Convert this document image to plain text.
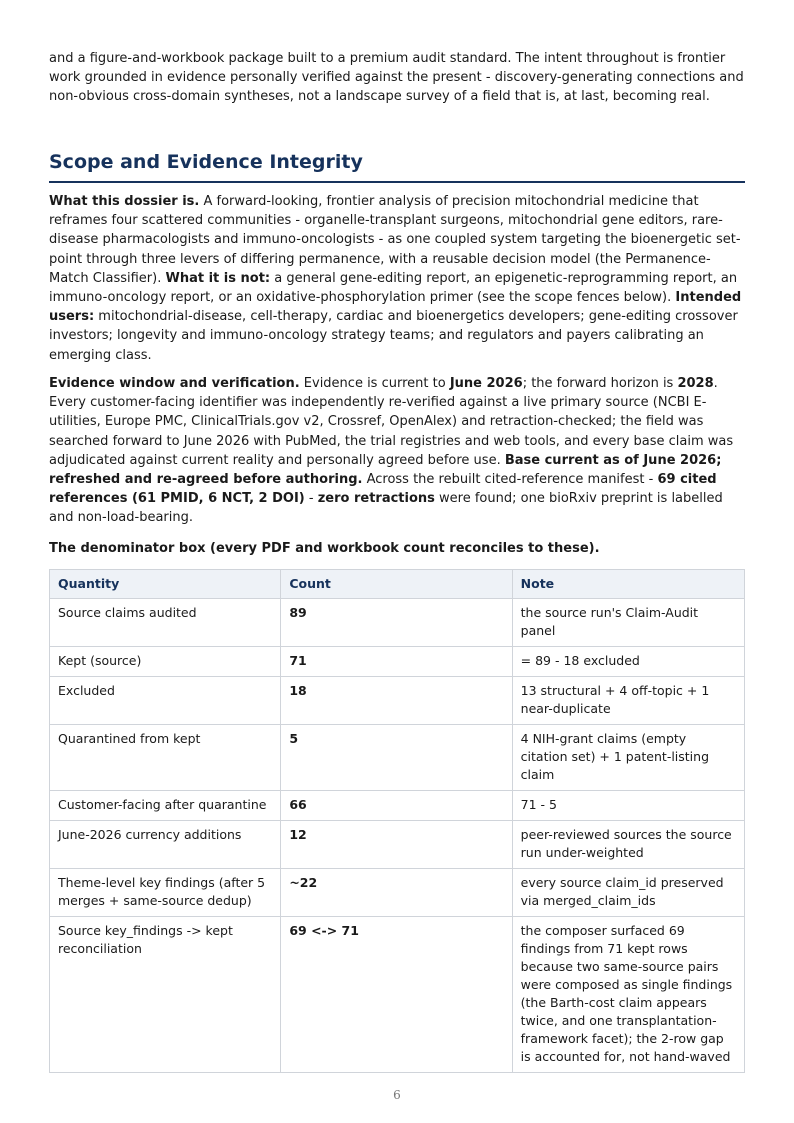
and a figure-and-workbook package built to a premium audit standard. The intent throughout is frontier work grounded in evidence personally verified against the present - discovery-generating connections and non-obvious cross-domain syntheses, not a landscape survey of a field that is, at last, becoming real.

Scope and Evidence Integrity

What this dossier is. A forward-looking, frontier analysis of precision mitochondrial medicine that reframes four scattered communities - organelle-transplant surgeons, mitochondrial gene editors, rare-disease pharmacologists and immuno-oncologists - as one coupled system targeting the bioenergetic set-point through three levers of differing permanence, with a reusable decision model (the Permanence-Match Classifier). What it is not: a general gene-editing report, an epigenetic-reprogramming report, an immuno-oncology report, or an oxidative-phosphorylation primer (see the scope fences below). Intended users: mitochondrial-disease, cell-therapy, cardiac and bioenergetics developers; gene-editing crossover investors; longevity and immuno-oncology strategy teams; and regulators and payers calibrating an emerging class.

Evidence window and verification. Evidence is current to June 2026; the forward horizon is 2028. Every customer-facing identifier was independently re-verified against a live primary source (NCBI E-utilities, Europe PMC, ClinicalTrials.gov v2, Crossref, OpenAlex) and retraction-checked; the field was searched forward to June 2026 with PubMed, the trial registries and web tools, and every base claim was adjudicated against current reality and personally agreed before use. Base current as of June 2026; refreshed and re-agreed before authoring. Across the rebuilt cited-reference manifest - 69 cited references (61 PMID, 6 NCT, 2 DOI) - zero retractions were found; one bioRxiv preprint is labelled and non-load-bearing.

The denominator box (every PDF and workbook count reconciles to these).

Quantity	Count	Note
Source claims audited	89	the source run's Claim-Audit panel
Kept (source)	71	= 89 - 18 excluded
Excluded	18	13 structural + 4 off-topic + 1 near-duplicate
Quarantined from kept	5	4 NIH-grant claims (empty citation set) + 1 patent-listing claim
Customer-facing after quarantine	66	71 - 5
June-2026 currency additions	12	peer-reviewed sources the source run under-weighted
Theme-level key findings (after 5 merges + same-source dedup)	~22	every source claim_id preserved via merged_claim_ids
Source key_findings -> kept reconciliation	69 <-> 71	the composer surfaced 69 findings from 71 kept rows because two same-source pairs were composed as single findings (the Barth-cost claim appears twice, and one transplantation-framework facet); the 2-row gap is accounted for, not hand-waved
6
